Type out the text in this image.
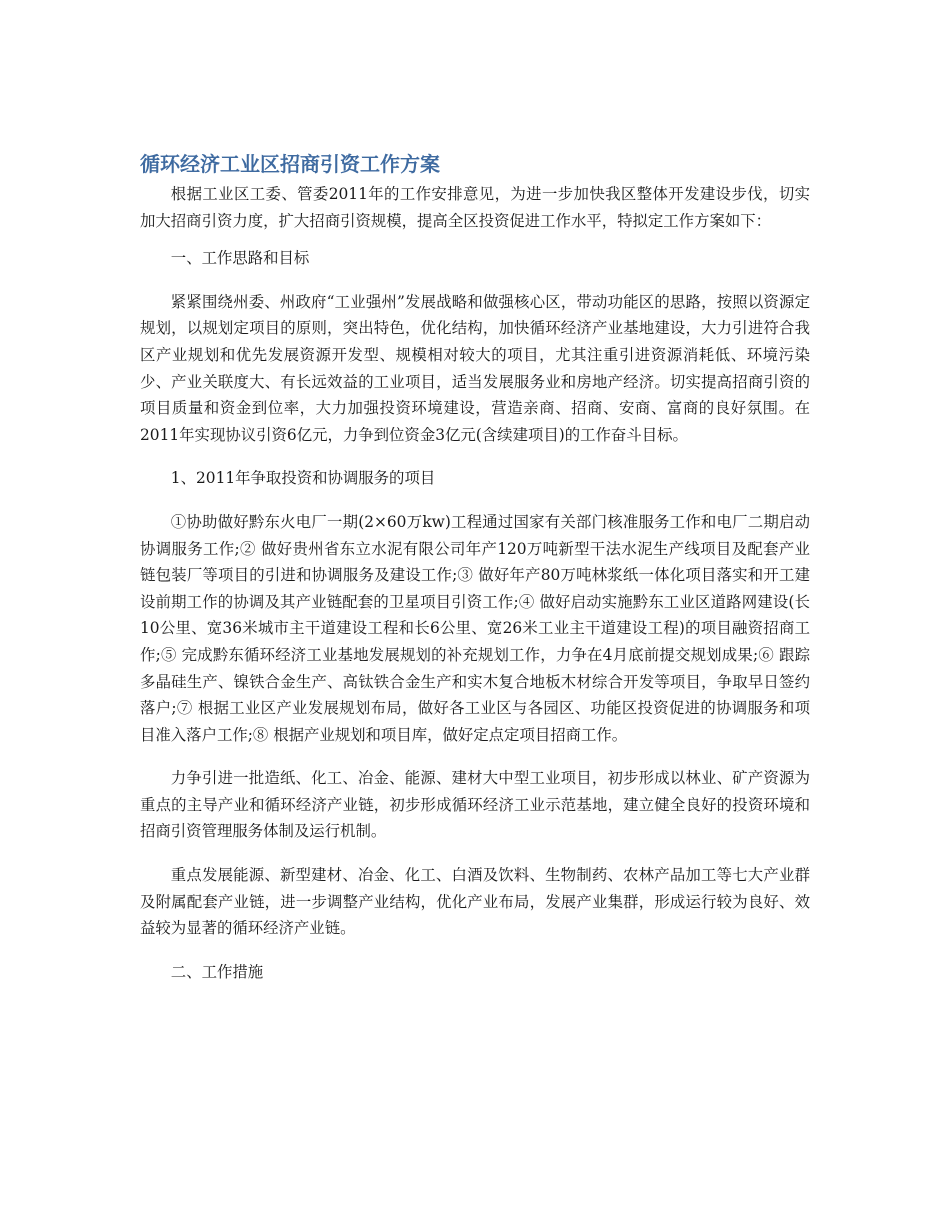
循环经济工业区招商引资工作方案

根据工业区工委、管委2011年的工作安排意见，为进一步加快我区整体开发建设步伐，切实加大招商引资力度，扩大招商引资规模，提高全区投资促进工作水平，特拟定工作方案如下：

一、工作思路和目标

紧紧围绕州委、州政府“工业强州”发展战略和做强核心区，带动功能区的思路，按照以资源定规划，以规划定项目的原则，突出特色，优化结构，加快循环经济产业基地建设，大力引进符合我区产业规划和优先发展资源开发型、规模相对较大的项目，尤其注重引进资源消耗低、环境污染少、产业关联度大、有长远效益的工业项目，适当发展服务业和房地产经济。切实提高招商引资的项目质量和资金到位率，大力加强投资环境建设，营造亲商、招商、安商、富商的良好氛围。在2011年实现协议引资6亿元，力争到位资金3亿元(含续建项目)的工作奋斗目标。

1、2011年争取投资和协调服务的项目

①协助做好黔东火电厂一期(2×60万kw)工程通过国家有关部门核准服务工作和电厂二期启动协调服务工作;② 做好贵州省东立水泥有限公司年产120万吨新型干法水泥生产线项目及配套产业链包装厂等项目的引进和协调服务及建设工作;③ 做好年产80万吨林浆纸一体化项目落实和开工建设前期工作的协调及其产业链配套的卫星项目引资工作;④ 做好启动实施黔东工业区道路网建设(长10公里、宽36米城市主干道建设工程和长6公里、宽26米工业主干道建设工程)的项目融资招商工作;⑤ 完成黔东循环经济工业基地发展规划的补充规划工作，力争在4月底前提交规划成果;⑥ 跟踪多晶硅生产、镍铁合金生产、高钛铁合金生产和实木复合地板木材综合开发等项目，争取早日签约落户;⑦ 根据工业区产业发展规划布局，做好各工业区与各园区、功能区投资促进的协调服务和项目准入落户工作;⑧ 根据产业规划和项目库，做好定点定项目招商工作。

力争引进一批造纸、化工、冶金、能源、建材大中型工业项目，初步形成以林业、矿产资源为重点的主导产业和循环经济产业链，初步形成循环经济工业示范基地，建立健全良好的投资环境和招商引资管理服务体制及运行机制。

重点发展能源、新型建材、冶金、化工、白酒及饮料、生物制药、农林产品加工等七大产业群及附属配套产业链，进一步调整产业结构，优化产业布局，发展产业集群，形成运行较为良好、效益较为显著的循环经济产业链。

二、工作措施
